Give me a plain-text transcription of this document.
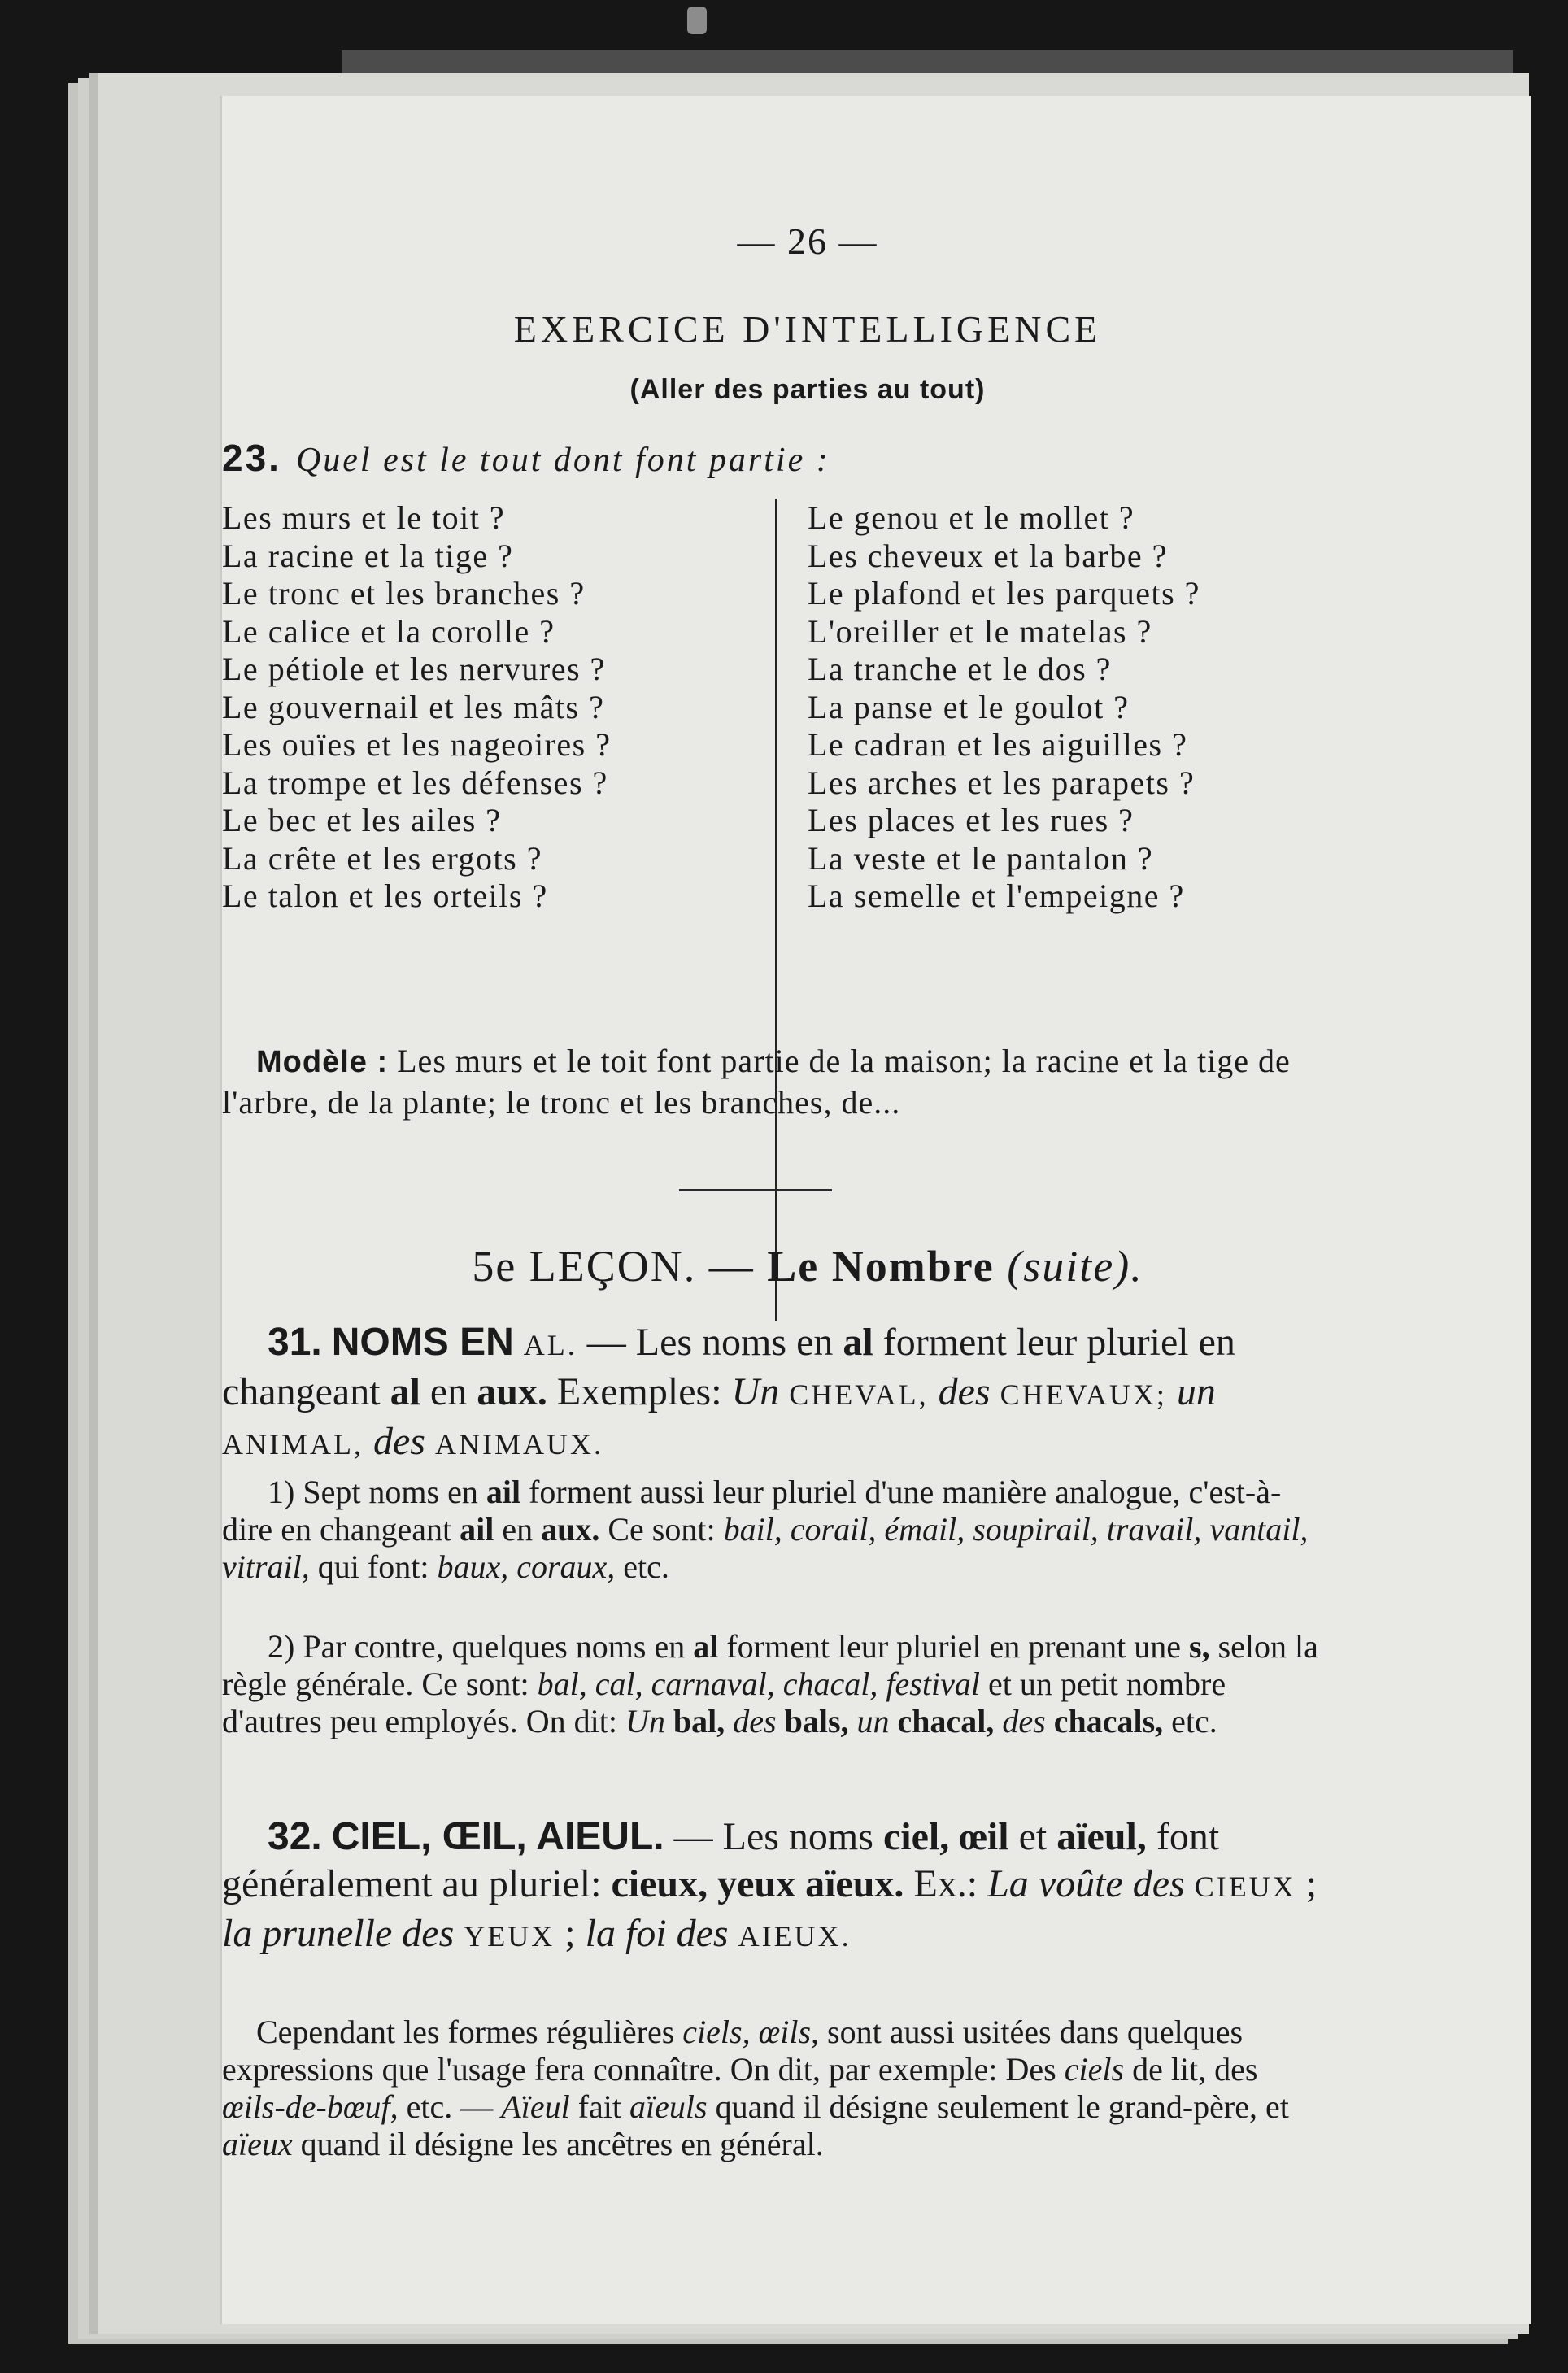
— 26 —
EXERCICE D'INTELLIGENCE
(Aller des parties au tout)
23. Quel est le tout dont font partie :
Les murs et le toit ?
La racine et la tige ?
Le tronc et les branches ?
Le calice et la corolle ?
Le pétiole et les nervures ?
Le gouvernail et les mâts ?
Les ouïes et les nageoires ?
La trompe et les défenses ?
Le bec et les ailes ?
La crête et les ergots ?
Le talon et les orteils ?
Le genou et le mollet ?
Les cheveux et la barbe ?
Le plafond et les parquets ?
L'oreiller et le matelas ?
La tranche et le dos ?
La panse et le goulot ?
Le cadran et les aiguilles ?
Les arches et les parapets ?
Les places et les rues ?
La veste et le pantalon ?
La semelle et l'empeigne ?
Modèle : Les murs et le toit font partie de la maison; la racine et la tige de l'arbre, de la plante; le tronc et les branches, de...
5e LEÇON. — Le Nombre (suite).
31. NOMS EN AL. — Les noms en al forment leur pluriel en changeant al en aux. Exemples: Un CHEVAL, des CHEVAUX; un ANIMAL, des ANIMAUX.
1) Sept noms en ail forment aussi leur pluriel d'une manière analogue, c'est-à-dire en changeant ail en aux. Ce sont: bail, corail, émail, soupirail, travail, vantail, vitrail, qui font: baux, coraux, etc.
2) Par contre, quelques noms en al forment leur pluriel en prenant une s, selon la règle générale. Ce sont: bal, cal, carnaval, chacal, festival et un petit nombre d'autres peu employés. On dit: Un bal, des bals, un chacal, des chacals, etc.
32. CIEL, ŒIL, AIEUL. — Les noms ciel, œil et aïeul, font généralement au pluriel: cieux, yeux aïeux. Ex.: La voûte des CIEUX ; la prunelle des YEUX ; la foi des AIEUX.
Cependant les formes régulières ciels, œils, sont aussi usitées dans quelques expressions que l'usage fera connaître. On dit, par exemple: Des ciels de lit, des œils-de-bœuf, etc. — Aïeul fait aïeuls quand il désigne seulement le grand-père, et aïeux quand il désigne les ancêtres en général.
